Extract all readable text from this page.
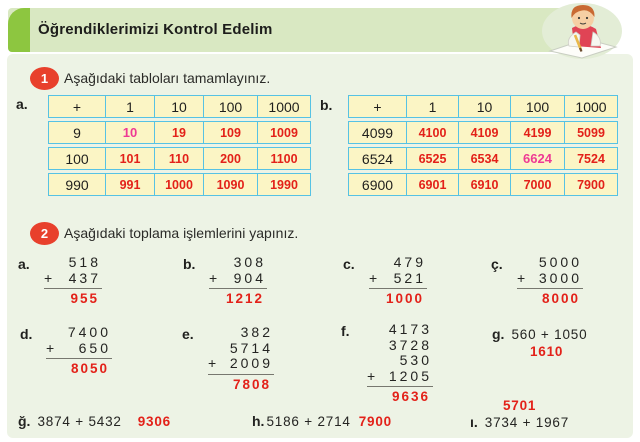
Öğrendiklerimizi Kontrol Edelim
1	Aşağıdaki tabloları tamamlayınız.
a.	+	1	10	100	1000
9	10	19	109	1009
100	101	110	200	1100
990	991	1000	1090	1990
b.	+	1	10	100	1000
4099	4100	4109	4199	5099
6524	6525	6534	6624	7524
6900	6901	6910	7000	7900
2	Aşağıdaki toplama işlemlerini yapınız.
a.	518
+ 437
955
b.	308
+ 904
1212
c.	479
+ 521
1000
ç.	5000
+ 3000
8000
d.	7400
+ 650
8050
e.	382
5714
+ 2009
7808
f.	4173
3728
530
+ 1205
9636
g. 560 + 1050
1610
ğ. 3874 + 5432 9306	h. 5186 + 2714 7900	ı. 3734 + 1967
5701
